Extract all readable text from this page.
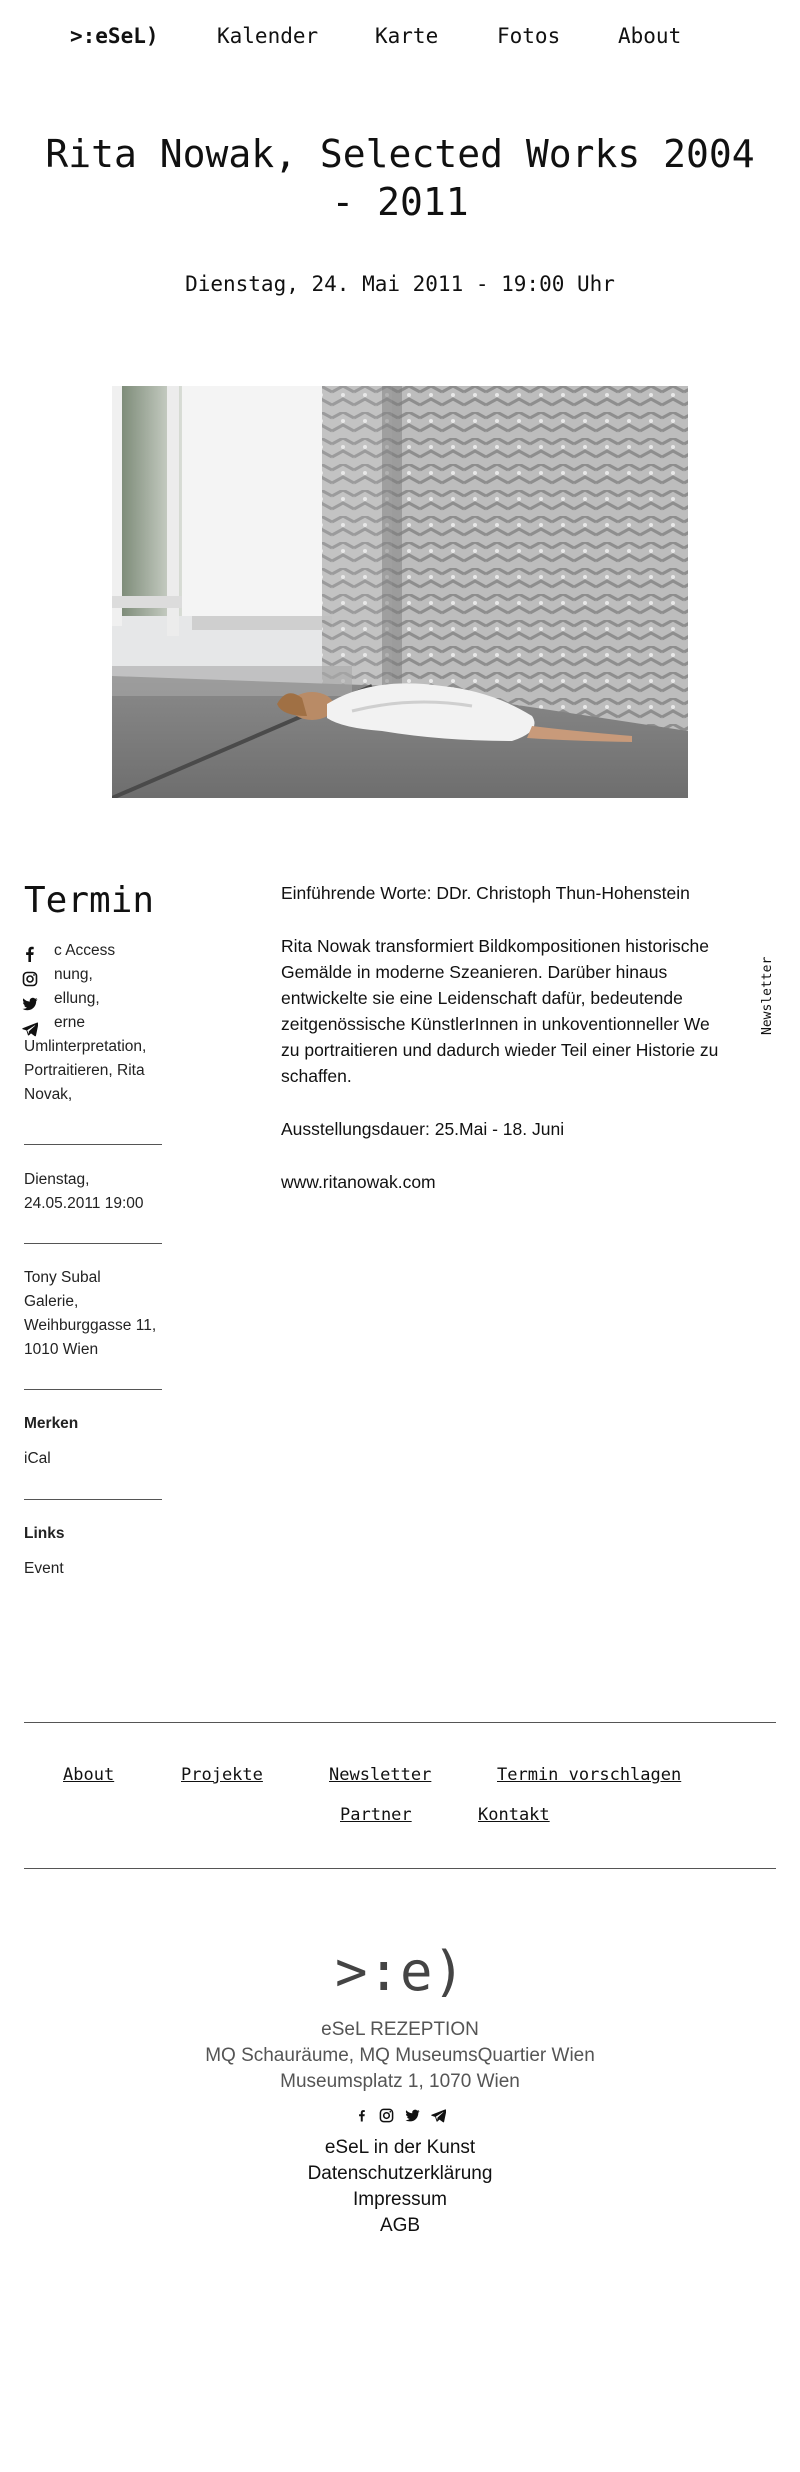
>:eSeL)	Kalender	Karte	Fotos	About
Rita Nowak, Selected Works 2004 - 2011
Dienstag, 24. Mai 2011 - 19:00 Uhr
Termin
c Access
nung,
ellung,
erne
Umlinterpretation,
Portraitieren, Rita
Novak,
Dienstag,
24.05.2011 19:00
Tony Subal
Galerie,
Weihburggasse 11,
1010 Wien
Merken
iCal
Links
Event

Einführende Worte: DDr. Christoph Thun-Hohenstein

Rita Nowak transformiert Bildkompositionen historische
Gemälde in moderne Szeanieren. Darüber hinaus
entwickelte sie eine Leidenschaft dafür, bedeutende
zeitgenössische KünstlerInnen in unkoventionneller We
zu portraitieren und dadurch wieder Teil einer Historie zu
schaffen.

Ausstellungsdauer: 25.Mai - 18. Juni

www.ritanowak.com

Newsletter
About	Projekte	Newsletter	Termin vorschlagen
Partner	Kontakt
>:e)
eSeL REZEPTION
MQ Schauräume, MQ MuseumsQuartier Wien
Museumsplatz 1, 1070 Wien
eSeL in der Kunst
Datenschutzerklärung
Impressum
AGB
